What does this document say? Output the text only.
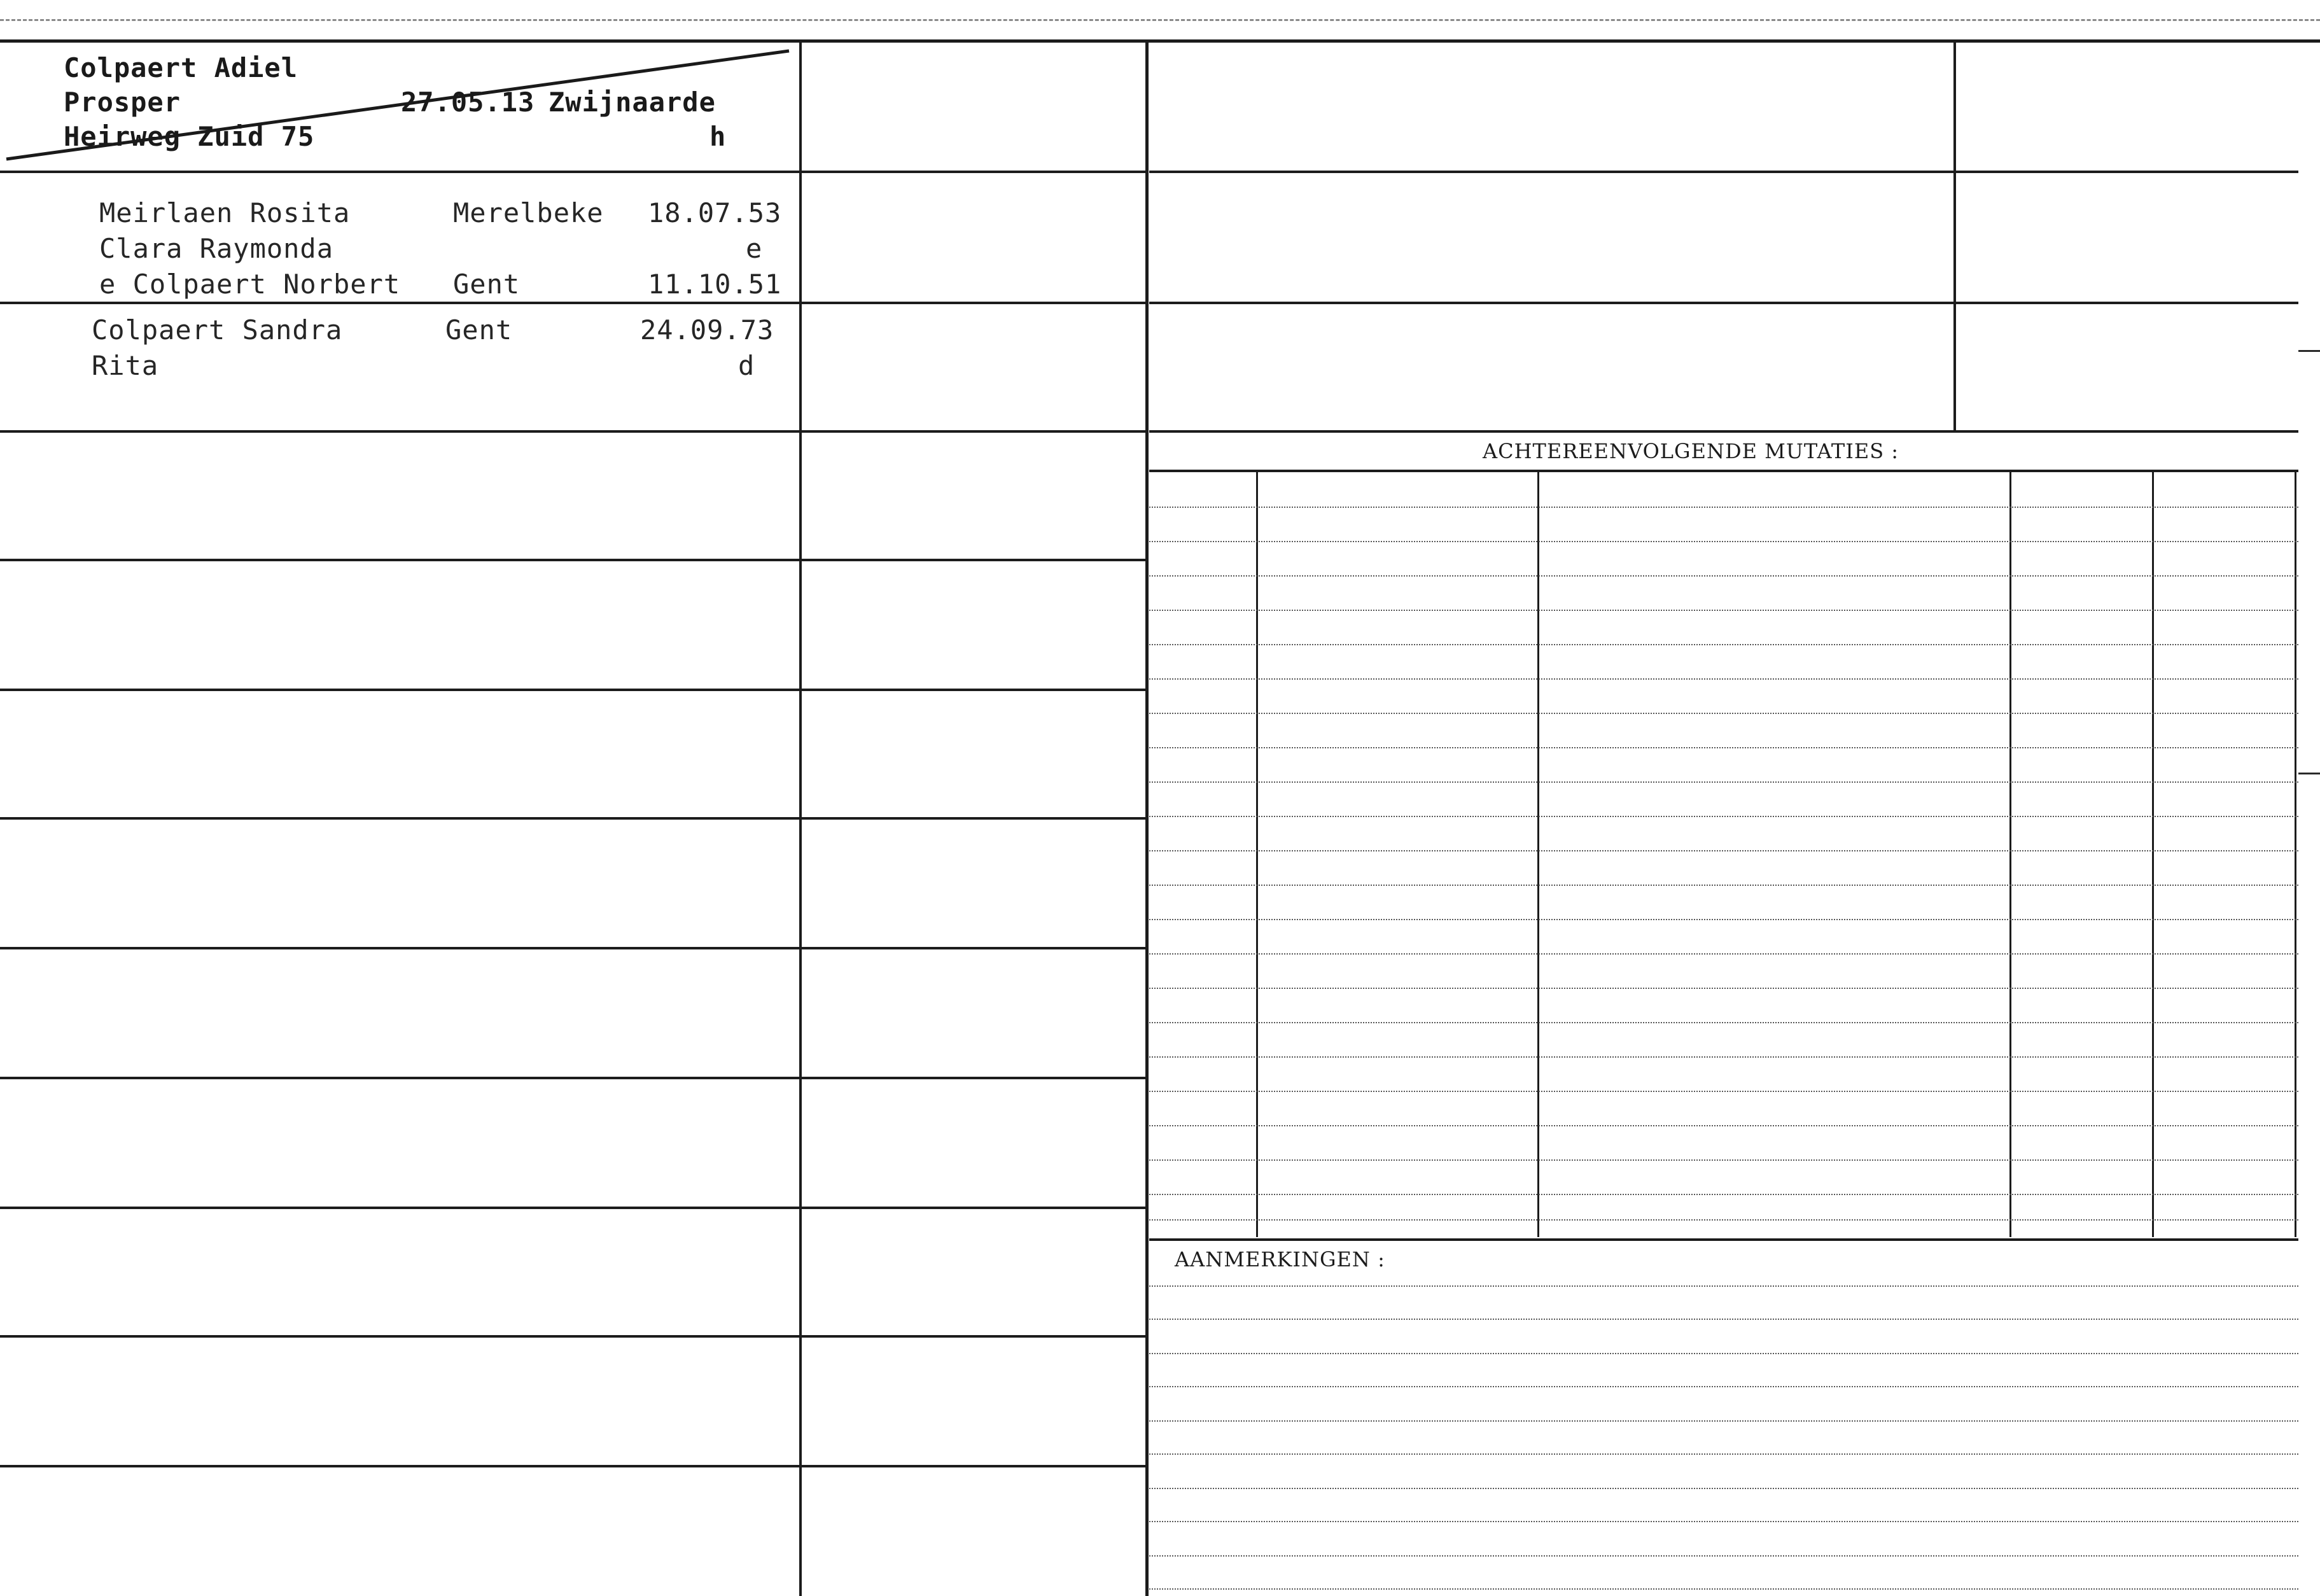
Colpaert Adiel
Prosper
Heirweg Zuid 75
27.05.13 Zwijnaarde
h
Meirlaen Rosita
Clara Raymonda
e Colpaert Norbert
Merelbeke
Gent
18.07.53
e
11.10.51
Colpaert Sandra
Rita
Gent	24.09.73
d
ACHTEREENVOLGENDE MUTATIES :
AANMERKINGEN :
